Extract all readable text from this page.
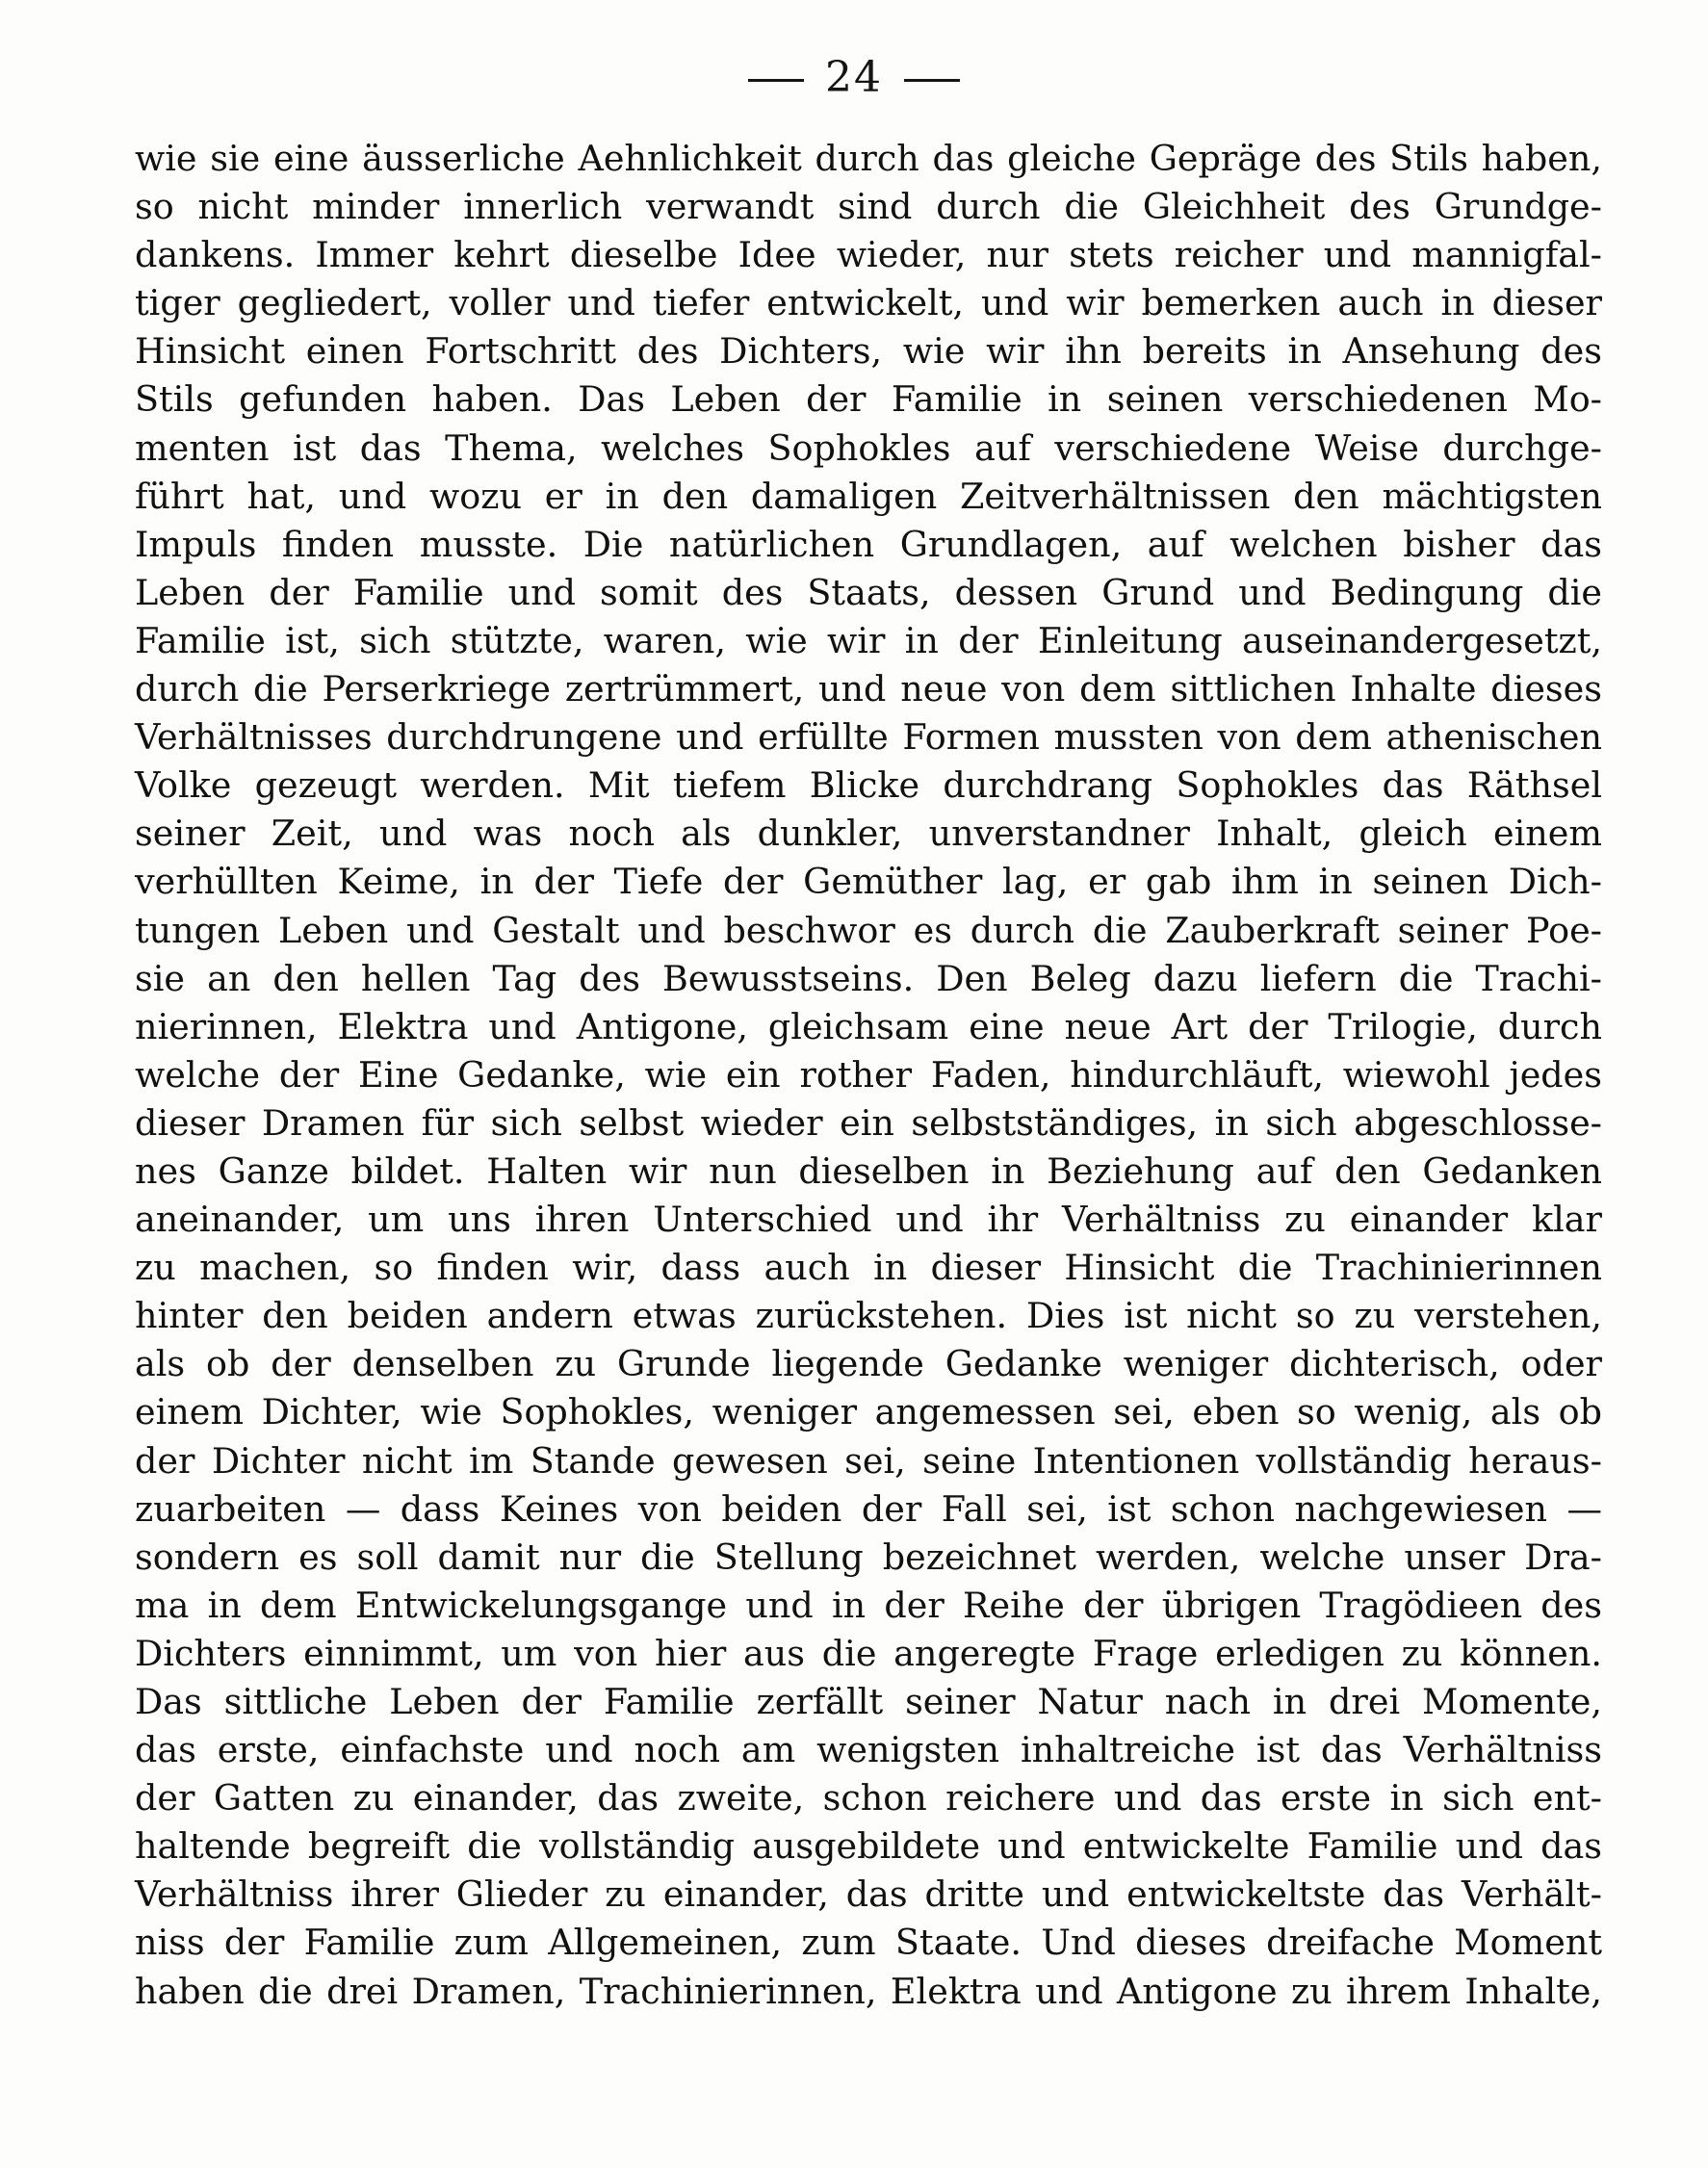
24
wie sie eine äusserliche Aehnlichkeit durch das gleiche Gepräge des Stils haben,
so nicht minder innerlich verwandt sind durch die Gleichheit des Grundge-
dankens. Immer kehrt dieselbe Idee wieder, nur stets reicher und mannigfal-
tiger gegliedert, voller und tiefer entwickelt, und wir bemerken auch in dieser
Hinsicht einen Fortschritt des Dichters, wie wir ihn bereits in Ansehung des
Stils gefunden haben. Das Leben der Familie in seinen verschiedenen Mo-
menten ist das Thema, welches Sophokles auf verschiedene Weise durchge-
führt hat, und wozu er in den damaligen Zeitverhältnissen den mächtigsten
Impuls finden musste. Die natürlichen Grundlagen, auf welchen bisher das
Leben der Familie und somit des Staats, dessen Grund und Bedingung die
Familie ist, sich stützte, waren, wie wir in der Einleitung auseinandergesetzt,
durch die Perserkriege zertrümmert, und neue von dem sittlichen Inhalte dieses
Verhältnisses durchdrungene und erfüllte Formen mussten von dem athenischen
Volke gezeugt werden. Mit tiefem Blicke durchdrang Sophokles das Räthsel
seiner Zeit, und was noch als dunkler, unverstandner Inhalt, gleich einem
verhüllten Keime, in der Tiefe der Gemüther lag, er gab ihm in seinen Dich-
tungen Leben und Gestalt und beschwor es durch die Zauberkraft seiner Poe-
sie an den hellen Tag des Bewusstseins. Den Beleg dazu liefern die Trachi-
nierinnen, Elektra und Antigone, gleichsam eine neue Art der Trilogie, durch
welche der Eine Gedanke, wie ein rother Faden, hindurchläuft, wiewohl jedes
dieser Dramen für sich selbst wieder ein selbstständiges, in sich abgeschlosse-
nes Ganze bildet. Halten wir nun dieselben in Beziehung auf den Gedanken
aneinander, um uns ihren Unterschied und ihr Verhältniss zu einander klar
zu machen, so finden wir, dass auch in dieser Hinsicht die Trachinierinnen
hinter den beiden andern etwas zurückstehen. Dies ist nicht so zu verstehen,
als ob der denselben zu Grunde liegende Gedanke weniger dichterisch, oder
einem Dichter, wie Sophokles, weniger angemessen sei, eben so wenig, als ob
der Dichter nicht im Stande gewesen sei, seine Intentionen vollständig heraus-
zuarbeiten — dass Keines von beiden der Fall sei, ist schon nachgewiesen —
sondern es soll damit nur die Stellung bezeichnet werden, welche unser Dra-
ma in dem Entwickelungsgange und in der Reihe der übrigen Tragödieen des
Dichters einnimmt, um von hier aus die angeregte Frage erledigen zu können.
Das sittliche Leben der Familie zerfällt seiner Natur nach in drei Momente,
das erste, einfachste und noch am wenigsten inhaltreiche ist das Verhältniss
der Gatten zu einander, das zweite, schon reichere und das erste in sich ent-
haltende begreift die vollständig ausgebildete und entwickelte Familie und das
Verhältniss ihrer Glieder zu einander, das dritte und entwickeltste das Verhält-
niss der Familie zum Allgemeinen, zum Staate. Und dieses dreifache Moment
haben die drei Dramen, Trachinierinnen, Elektra und Antigone zu ihrem Inhalte,
